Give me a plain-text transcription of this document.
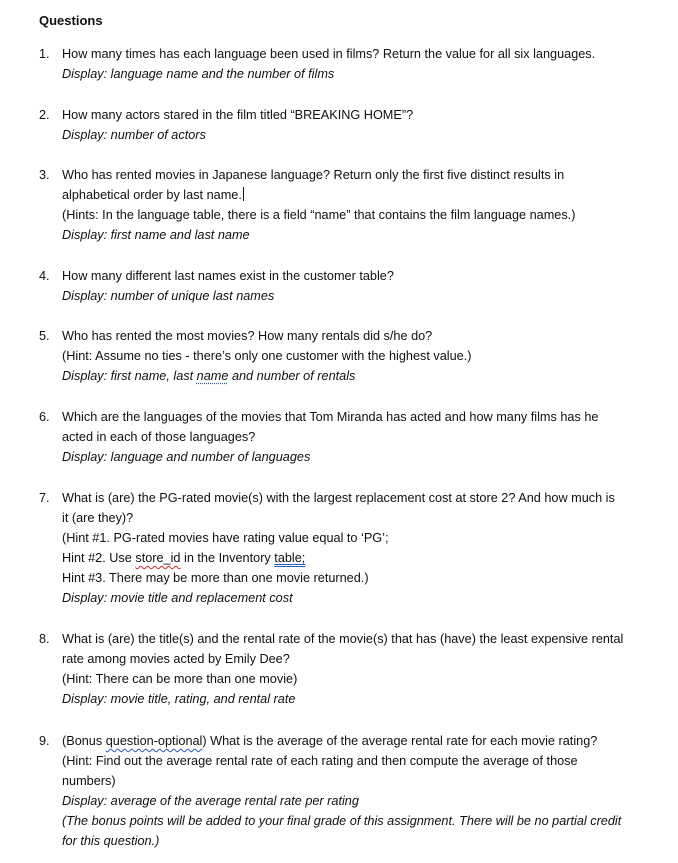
Questions
1. How many times has each language been used in films? Return the value for all six languages.
Display: language name and the number of films
2. How many actors stared in the film titled “BREAKING HOME”?
Display: number of actors
3. Who has rented movies in Japanese language? Return only the first five distinct results in
alphabetical order by last name.
(Hints: In the language table, there is a field “name” that contains the film language names.)
Display: first name and last name
4. How many different last names exist in the customer table?
Display: number of unique last names
5. Who has rented the most movies? How many rentals did s/he do?
(Hint: Assume no ties - there’s only one customer with the highest value.)
Display: first name, last name and number of rentals
6. Which are the languages of the movies that Tom Miranda has acted and how many films has he
acted in each of those languages?
Display: language and number of languages
7. What is (are) the PG-rated movie(s) with the largest replacement cost at store 2? And how much is
it (are they)?
(Hint #1. PG-rated movies have rating value equal to ‘PG’;
Hint #2. Use store_id in the Inventory table;
Hint #3. There may be more than one movie returned.)
Display: movie title and replacement cost
8. What is (are) the title(s) and the rental rate of the movie(s) that has (have) the least expensive rental
rate among movies acted by Emily Dee?
(Hint: There can be more than one movie)
Display: movie title, rating, and rental rate
9. (Bonus question-optional) What is the average of the average rental rate for each movie rating?
(Hint: Find out the average rental rate of each rating and then compute the average of those
numbers)
Display: average of the average rental rate per rating
(The bonus points will be added to your final grade of this assignment. There will be no partial credit
for this question.)
